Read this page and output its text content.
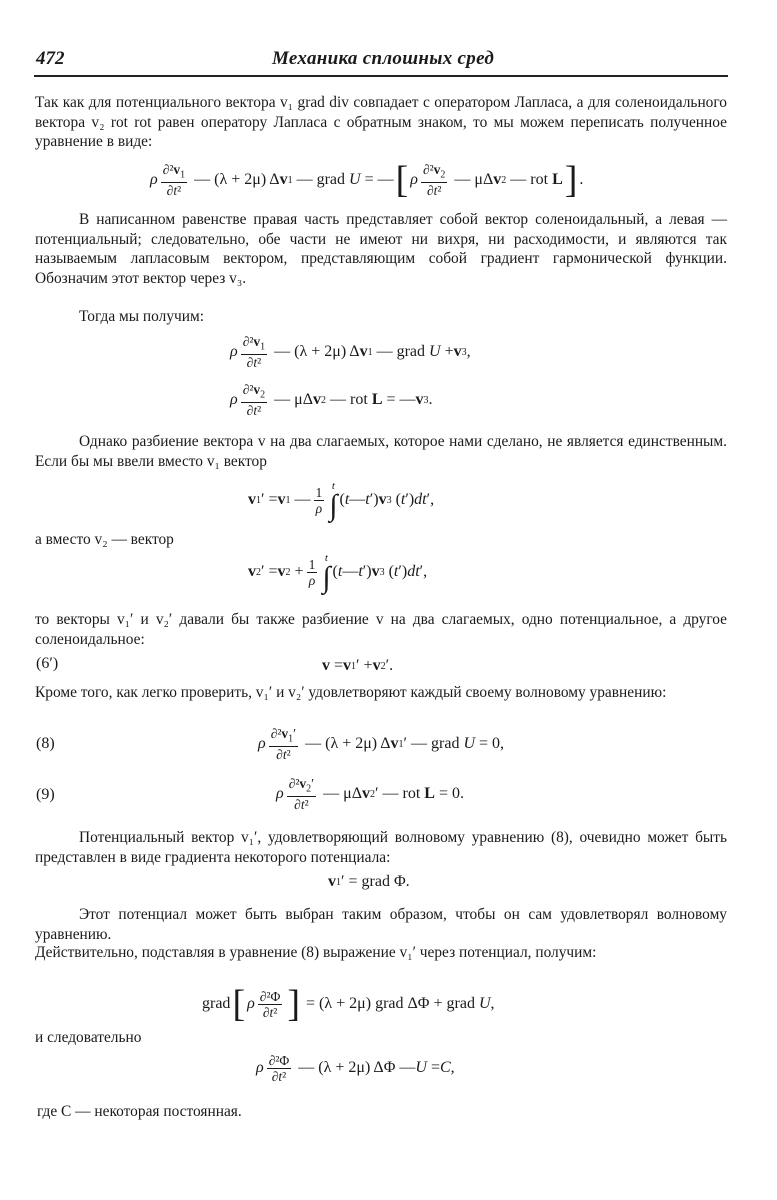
472	Механика сплошных сред
Так как для потенциального вектора v₁ grad div совпадает с оператором Лапласа, а для соленоидального вектора v₂ rot rot равен оператору Лапласа с обратным знаком, то мы можем переписать полученное уравнение в виде:
ρ $\frac{\partial^2v_1}{\text{∂t²}}$ — (λ + 2μ) Δ v 1 — grad U = — [ ρ $\frac{\partial^2v_2}{\text{∂t²}}$ — μΔ v 2 — rot L ] .
В написанном равенстве правая часть представляет собой вектор соленоидальный, а левая — потенциальный; следовательно, обе части не имеют ни вихря, ни расходимости, и являются так называемым лапласовым вектором, представляющим собой градиент гармонической функции. Обозначим этот вектор через v₃.
Тогда мы получим:
ρ $\frac{\partial^2v_1}{\text{∂t²}}$ — (λ + 2μ) Δ v 1 — grad U + v 3 ,
ρ $\frac{\partial^2v_2}{\text{∂t²}}$ — μΔ v 2 — rot L = — v 3 .
Однако разбиение вектора v на два слагаемых, которое нами сделано, не является единственным. Если бы мы ввели вместо v₁ вектор
v 1 ′ = v 1 — $\frac{1}{\rho}$ t
∫ ( t — t ′) v 3 ( t ′) dt ′,
а вместо v₂ — вектор
v 2 ′ = v $2 + \frac{1}{\rho}$ t
∫ ( t — t ′) v 3 ( t ′) dt ′,
то векторы v₁′ и v₂′ давали бы также разбиение v на два слагаемых, одно потенциальное, а другое соленоидальное:
(6′)	v = v 1 ′ + v 2 ′.
Кроме того, как легко проверить, v₁′ и v₂′ удовлетворяют каждый своему волновому уравнению:
(8)	ρ $\frac{\partial^2v_1'}{\text{∂t²}}$ — (λ + 2μ) Δ v 1 ′ — grad U = 0,
(9)	ρ $\frac{\partial^2v_2'}{\text{∂t²}}$ — μΔ v 2 ′ — rot L = 0.
Потенциальный вектор v₁′, удовлетворяющий волновому уравнению (8), очевидно может быть представлен в виде градиента некоторого потенциала:
v 1 ′ = grad Φ.
Этот потенциал может быть выбран таким образом, чтобы он сам удовлетворял волновому уравнению.
Действительно, подставляя в уравнение (8) выражение v₁′ через потенциал, получим:
grad [ ρ $\frac{\text{∂²Φ}}{\text{∂t²}}$ ] = (λ + 2μ) grad ΔΦ + grad U ,
и следовательно
ρ $\frac{\text{∂²Φ}}{\text{∂t²}}$ — (λ + 2μ) ΔΦ — U = C ,
где C — некоторая постоянная.
